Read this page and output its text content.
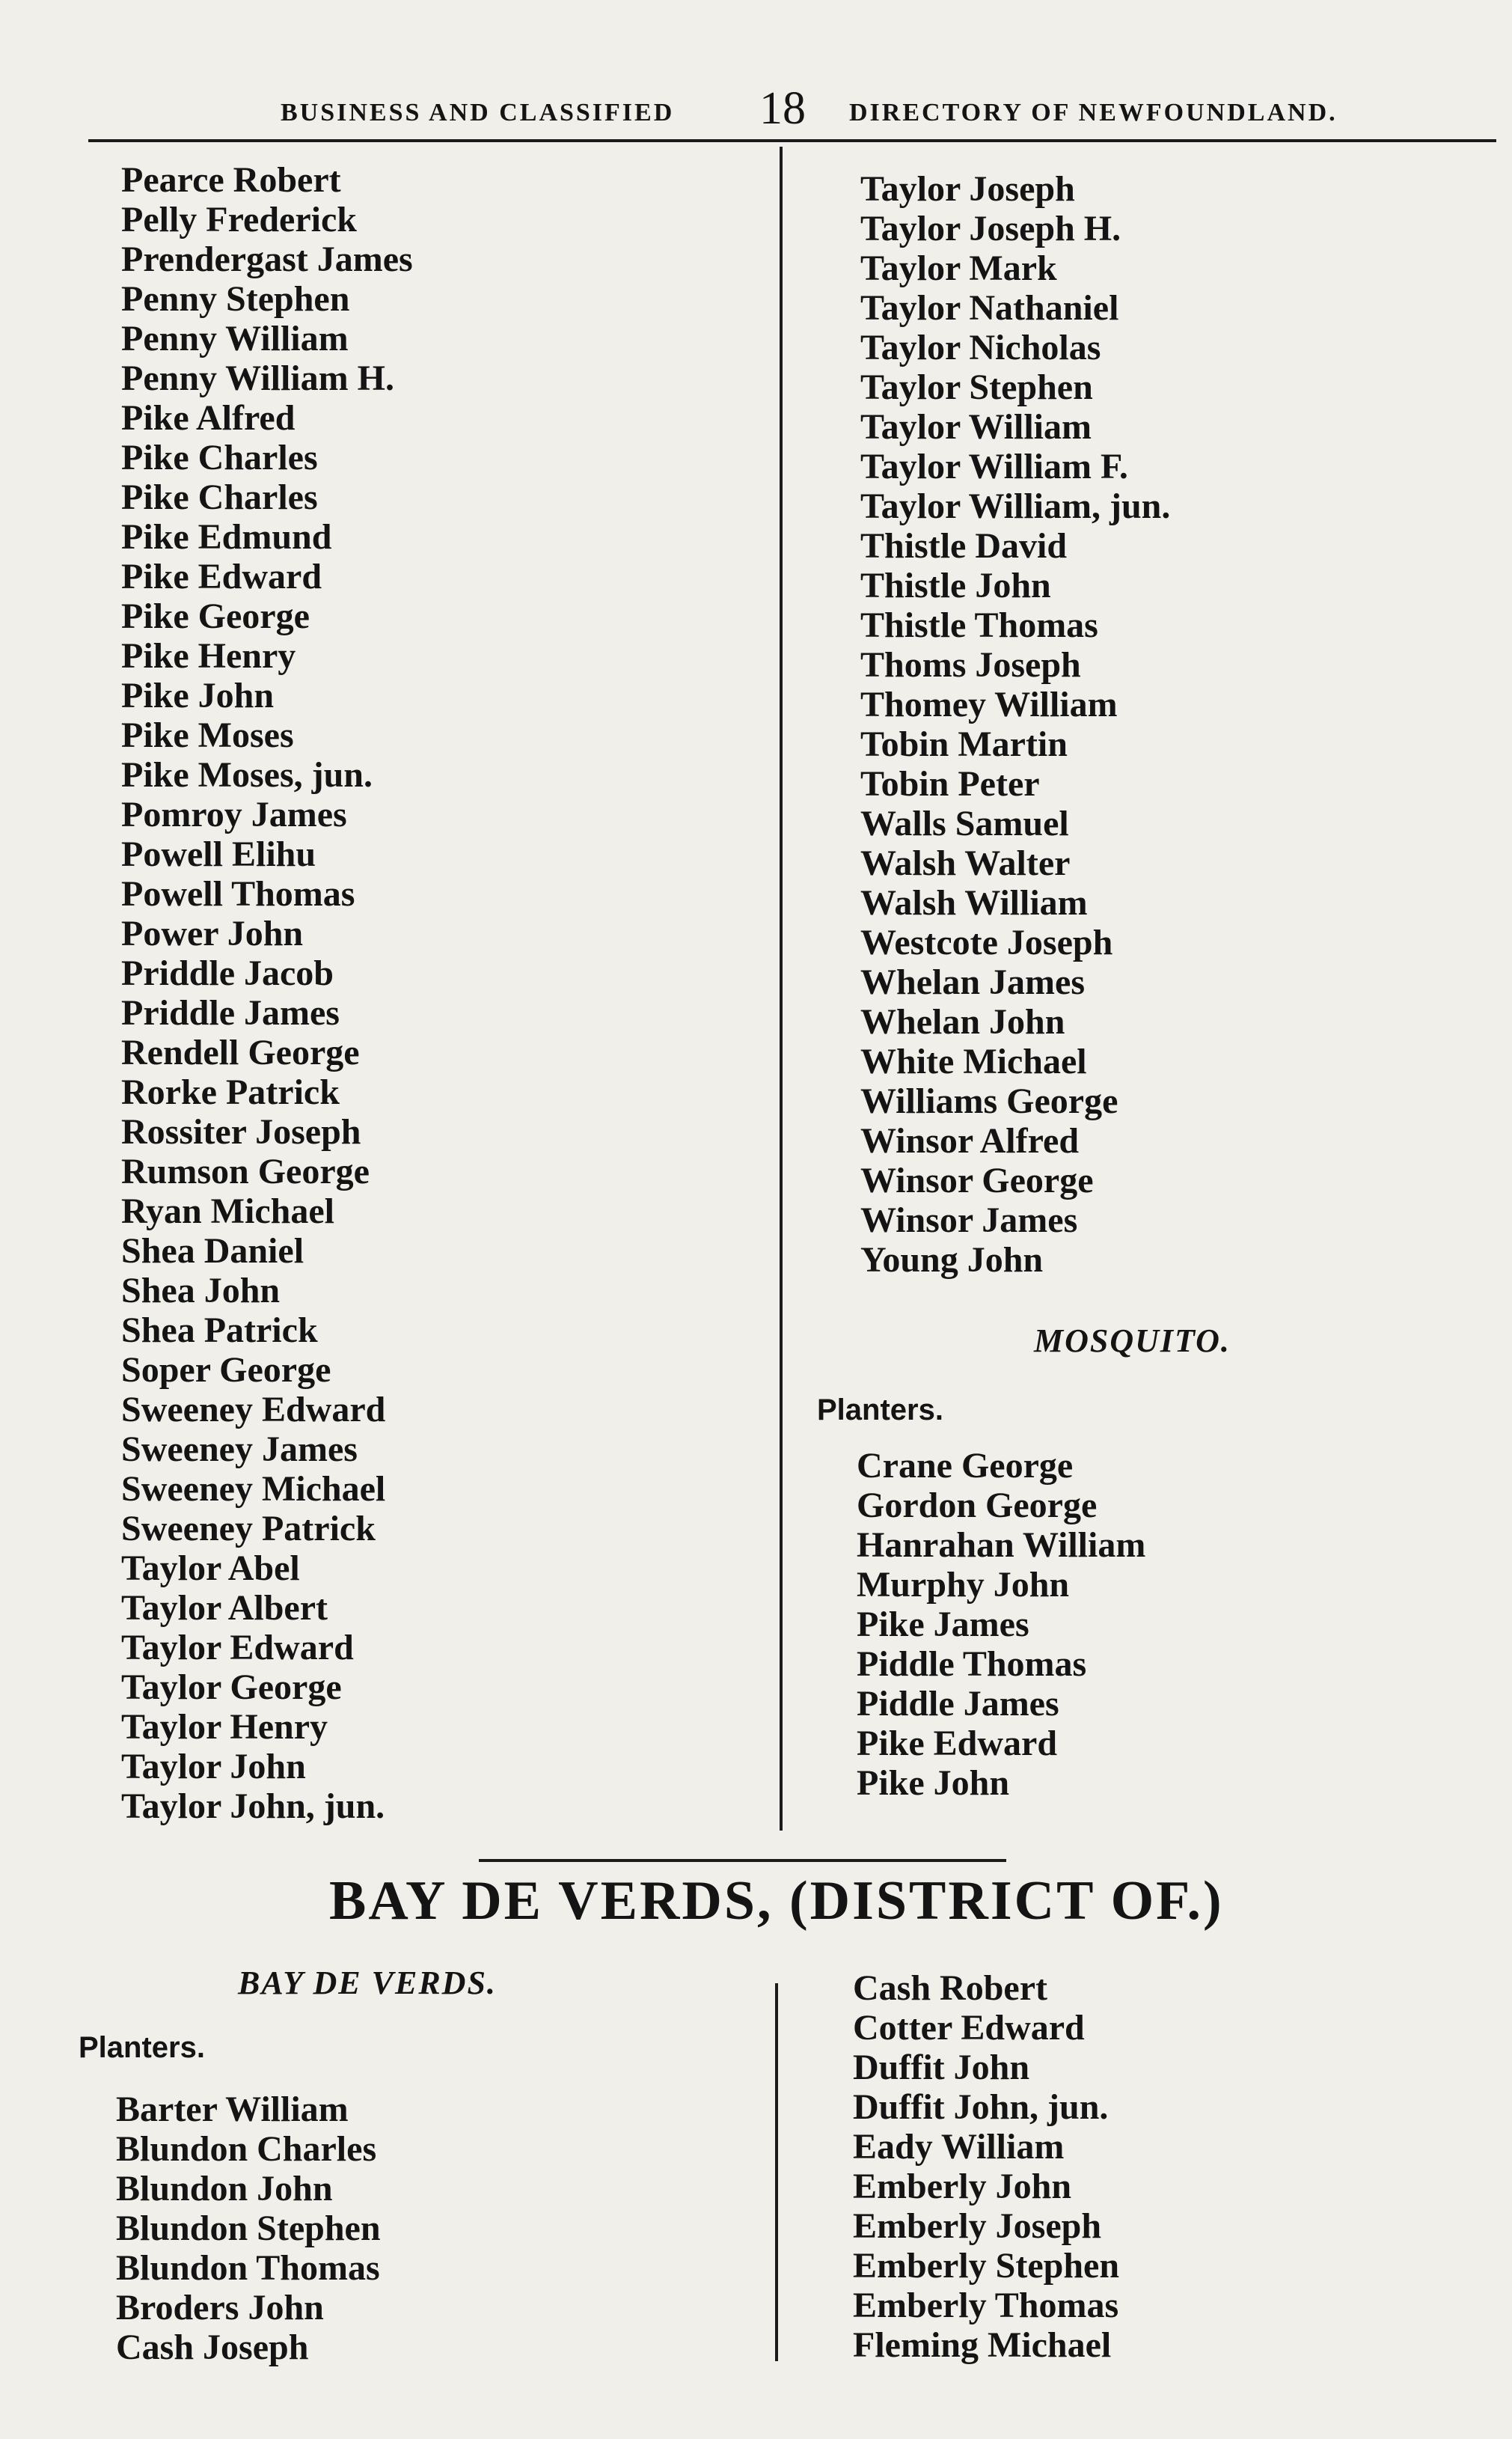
BUSINESS AND CLASSIFIED 18 DIRECTORY OF NEWFOUNDLAND.
Pearce Robert
Pelly Frederick
Prendergast James
Penny Stephen
Penny William
Penny William H.
Pike Alfred
Pike Charles
Pike Charles
Pike Edmund
Pike Edward
Pike George
Pike Henry
Pike John
Pike Moses
Pike Moses, jun.
Pomroy James
Powell Elihu
Powell Thomas
Power John
Priddle Jacob
Priddle James
Rendell George
Rorke Patrick
Rossiter Joseph
Rumson George
Ryan Michael
Shea Daniel
Shea John
Shea Patrick
Soper George
Sweeney Edward
Sweeney James
Sweeney Michael
Sweeney Patrick
Taylor Abel
Taylor Albert
Taylor Edward
Taylor George
Taylor Henry
Taylor John
Taylor John, jun.
Taylor Joseph
Taylor Joseph H.
Taylor Mark
Taylor Nathaniel
Taylor Nicholas
Taylor Stephen
Taylor William
Taylor William F.
Taylor William, jun.
Thistle David
Thistle John
Thistle Thomas
Thoms Joseph
Thomey William
Tobin Martin
Tobin Peter
Walls Samuel
Walsh Walter
Walsh William
Westcote Joseph
Whelan James
Whelan John
White Michael
Williams George
Winsor Alfred
Winsor George
Winsor James
Young John
MOSQUITO.
Planters.
Crane George
Gordon George
Hanrahan William
Murphy John
Pike James
Piddle Thomas
Piddle James
Pike Edward
Pike John
BAY DE VERDS, (DISTRICT OF.)
BAY DE VERDS.
Planters.
Barter William
Blundon Charles
Blundon John
Blundon Stephen
Blundon Thomas
Broders John
Cash Joseph
Cash Robert
Cotter Edward
Duffit John
Duffit John, jun.
Eady William
Emberly John
Emberly Joseph
Emberly Stephen
Emberly Thomas
Fleming Michael
